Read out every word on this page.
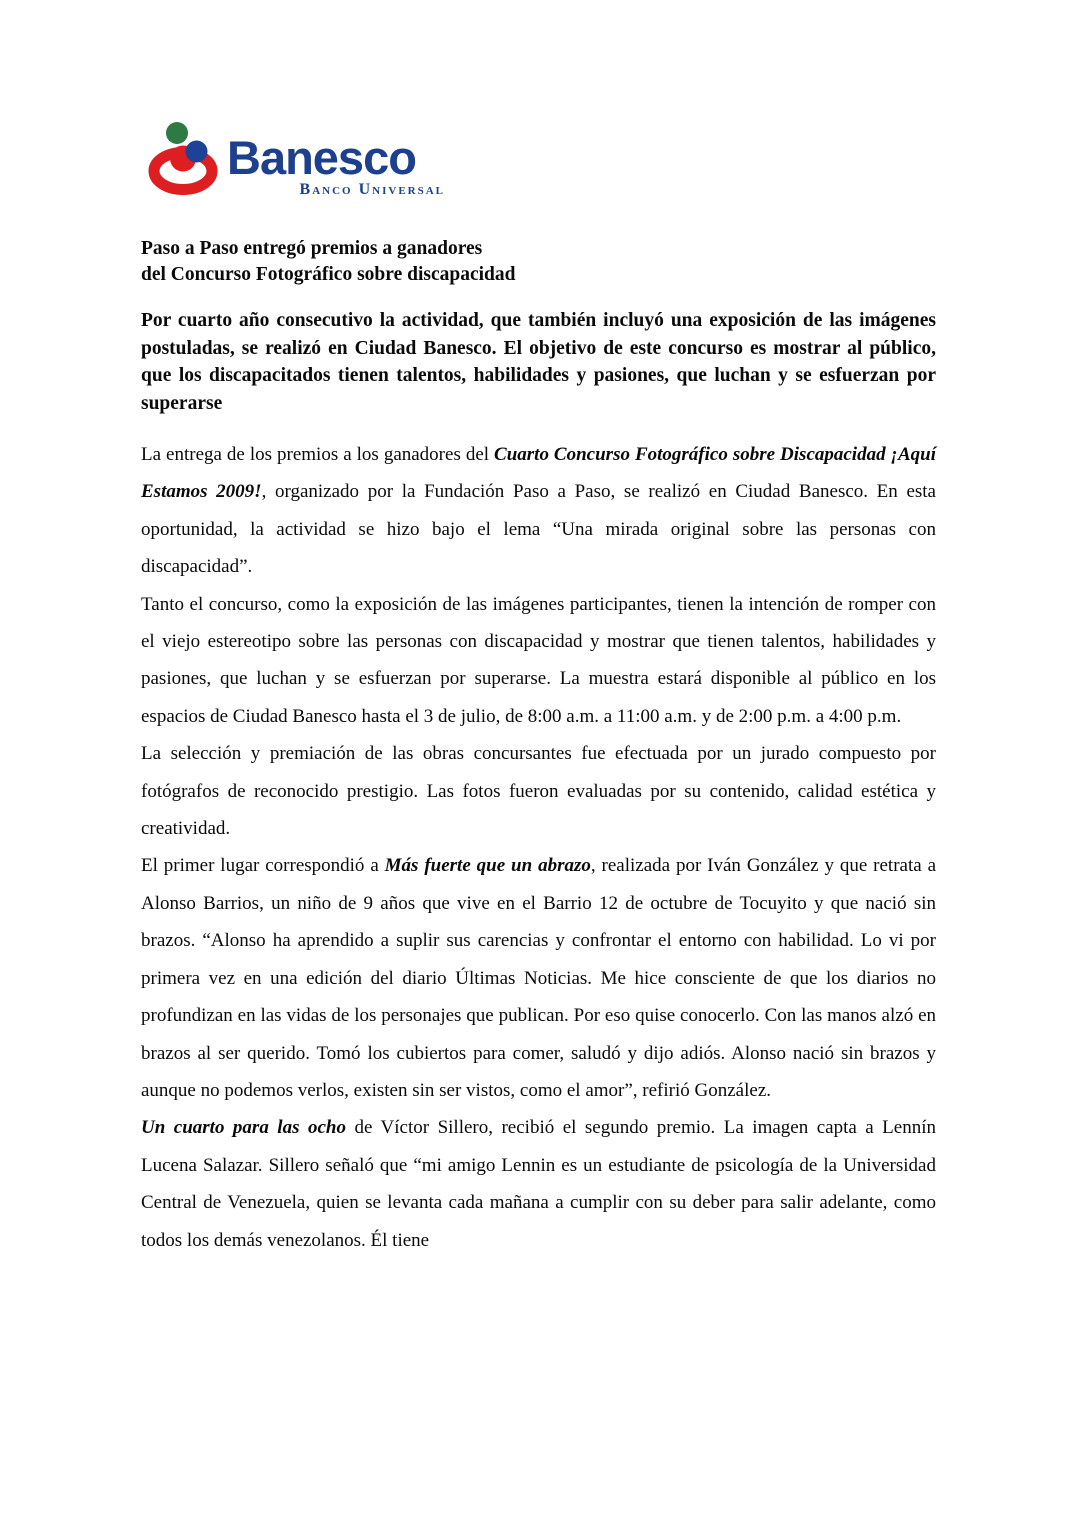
Banesco
Banco Universal
Paso a Paso entregó premios a ganadores
del Concurso Fotográfico sobre discapacidad
Por cuarto año consecutivo la actividad, que también incluyó una exposición de las imágenes postuladas, se realizó en Ciudad Banesco. El objetivo de este concurso es mostrar al público, que los discapacitados tienen talentos, habilidades y pasiones, que luchan y se esfuerzan por superarse

La entrega de los premios a los ganadores del Cuarto Concurso Fotográfico sobre Discapacidad ¡Aquí Estamos 2009!, organizado por la Fundación Paso a Paso, se realizó en Ciudad Banesco. En esta oportunidad, la actividad se hizo bajo el lema “Una mirada original sobre las personas con discapacidad”.

Tanto el concurso, como la exposición de las imágenes participantes, tienen la intención de romper con el viejo estereotipo sobre las personas con discapacidad y mostrar que tienen talentos, habilidades y pasiones, que luchan y se esfuerzan por superarse. La muestra estará disponible al público en los espacios de Ciudad Banesco hasta el 3 de julio, de 8:00 a.m. a 11:00 a.m. y de 2:00 p.m. a 4:00 p.m.

La selección y premiación de las obras concursantes fue efectuada por un jurado compuesto por fotógrafos de reconocido prestigio. Las fotos fueron evaluadas por su contenido, calidad estética y creatividad.

El primer lugar correspondió a Más fuerte que un abrazo, realizada por Iván González y que retrata a Alonso Barrios, un niño de 9 años que vive en el Barrio 12 de octubre de Tocuyito y que nació sin brazos. “Alonso ha aprendido a suplir sus carencias y confrontar el entorno con habilidad. Lo vi por primera vez en una edición del diario Últimas Noticias. Me hice consciente de que los diarios no profundizan en las vidas de los personajes que publican. Por eso quise conocerlo. Con las manos alzó en brazos al ser querido. Tomó los cubiertos para comer, saludó y dijo adiós. Alonso nació sin brazos y aunque no podemos verlos, existen sin ser vistos, como el amor”, refirió González.

Un cuarto para las ocho de Víctor Sillero, recibió el segundo premio. La imagen capta a Lennín Lucena Salazar. Sillero señaló que “mi amigo Lennin es un estudiante de psicología de la Universidad Central de Venezuela, quien se levanta cada mañana a cumplir con su deber para salir adelante, como todos los demás venezolanos. Él tiene
